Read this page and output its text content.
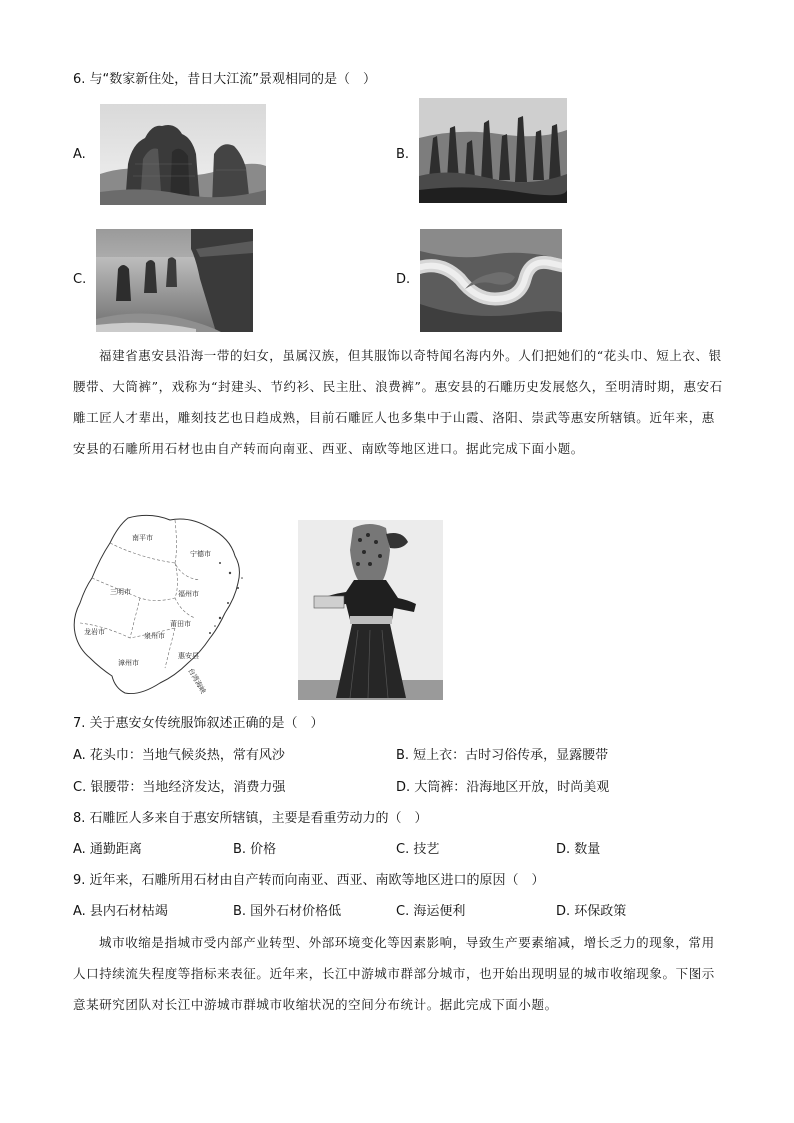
6. 与“数家新住处，昔日大江流”景观相同的是（　）
A.	B.
C.	D.
福建省惠安县沿海一带的妇女，虽属汉族，但其服饰以奇特闻名海内外。人们把她们的“花头巾、短上衣、银腰带、大筒裤”，戏称为“封建头、节约衫、民主肚、浪费裤”。惠安县的石雕历史发展悠久，至明清时期，惠安石雕工匠人才辈出，雕刻技艺也日趋成熟，目前石雕匠人也多集中于山霞、洛阳、崇武等惠安所辖镇。近年来，惠安县的石雕所用石材也由自产转而向南亚、西亚、南欧等地区进口。据此完成下面小题。
南平市
宁德市
三明市	福州市
莆田市
龙岩市	泉州市
漳州市
惠安县
台湾海峡
7. 关于惠安女传统服饰叙述正确的是（　）
A. 花头巾：当地气候炎热，常有风沙	B. 短上衣：古时习俗传承，显露腰带
C. 银腰带：当地经济发达，消费力强	D. 大筒裤：沿海地区开放，时尚美观
8. 石雕匠人多来自于惠安所辖镇，主要是看重劳动力的（　）
A. 通勤距离	B. 价格	C. 技艺	D. 数量
9. 近年来，石雕所用石材由自产转而向南亚、西亚、南欧等地区进口的原因（　）
A. 县内石材枯竭	B. 国外石材价格低	C. 海运便利	D. 环保政策
城市收缩是指城市受内部产业转型、外部环境变化等因素影响，导致生产要素缩减，增长乏力的现象，常用人口持续流失程度等指标来表征。近年来，长江中游城市群部分城市，也开始出现明显的城市收缩现象。下图示意某研究团队对长江中游城市群城市收缩状况的空间分布统计。据此完成下面小题。
